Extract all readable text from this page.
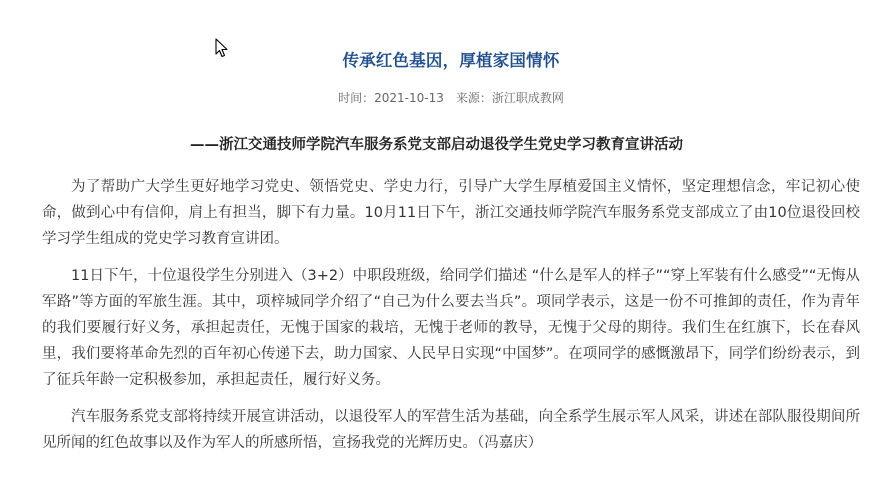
传承红色基因，厚植家国情怀
时间：2021-10-13 来源：浙江职成教网
——浙江交通技师学院汽车服务系党支部启动退役学生党史学习教育宣讲活动

为了帮助广大学生更好地学习党史、领悟党史、学史力行，引导广大学生厚植爱国主义情怀，坚定理想信念，牢记初心使命，做到心中有信仰，肩上有担当，脚下有力量。10月11日下午，浙江交通技师学院汽车服务系党支部成立了由10位退役回校学习学生组成的党史学习教育宣讲团。

11日下午，十位退役学生分别进入（3+2）中职段班级，给同学们描述 “什么是军人的样子”“穿上军装有什么感受”“无悔从军路”等方面的军旅生涯。其中，项梓城同学介绍了“自己为什么要去当兵”。项同学表示，这是一份不可推卸的责任，作为青年的我们要履行好义务，承担起责任，无愧于国家的栽培，无愧于老师的教导，无愧于父母的期待。我们生在红旗下，长在春风里，我们要将革命先烈的百年初心传递下去，助力国家、人民早日实现“中国梦”。在项同学的感慨激昂下，同学们纷纷表示，到了征兵年龄一定积极参加，承担起责任，履行好义务。

汽车服务系党支部将持续开展宣讲活动，以退役军人的军营生活为基础，向全系学生展示军人风采，讲述在部队服役期间所见所闻的红色故事以及作为军人的所感所悟，宣扬我党的光辉历史。（冯嘉庆）
